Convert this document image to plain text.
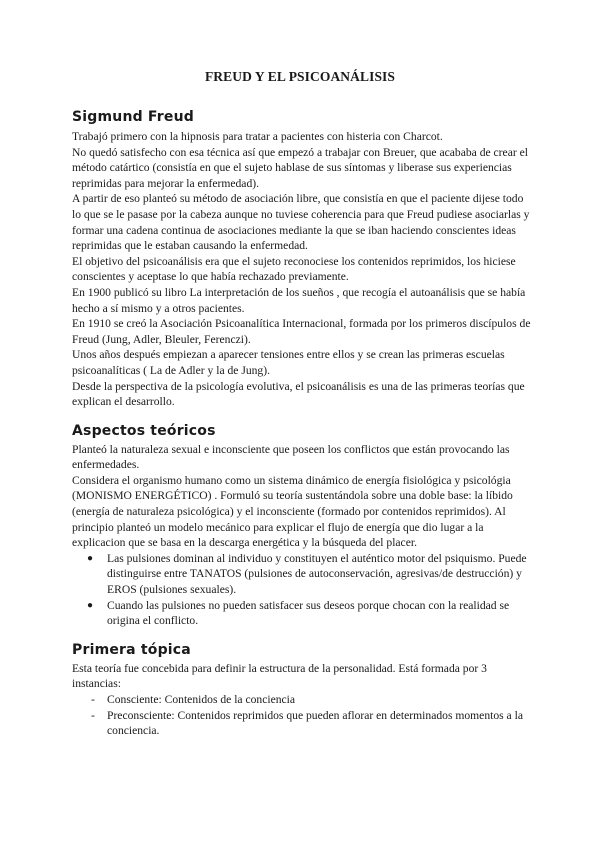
FREUD Y EL PSICOANÁLISIS
Sigmund Freud

Trabajó primero con la hipnosis para tratar a pacientes con histeria con Charcot.

No quedó satisfecho con esa técnica así que empezó a trabajar con Breuer, que acababa de crear el método catártico (consistía en que el sujeto hablase de sus síntomas y liberase sus experiencias reprimidas para mejorar la enfermedad).

A partir de eso planteó su método de asociación libre, que consistía en que el paciente dijese todo lo que se le pasase por la cabeza aunque no tuviese coherencia para que Freud pudiese asociarlas y formar una cadena continua de asociaciones mediante la que se iban haciendo conscientes ideas reprimidas que le estaban causando la enfermedad.

El objetivo del psicoanálisis era que el sujeto reconociese los contenidos reprimidos, los hiciese conscientes y aceptase lo que había rechazado previamente.

En 1900 publicó su libro La interpretación de los sueños , que recogía el autoanálisis que se había hecho a sí mismo y a otros pacientes.

En 1910 se creó la Asociación Psicoanalítica Internacional, formada por los primeros discípulos de Freud (Jung, Adler, Bleuler, Ferenczi).

Unos años después empiezan a aparecer tensiones entre ellos y se crean las primeras escuelas psicoanalíticas ( La de Adler y la de Jung).

Desde la perspectiva de la psicología evolutiva, el psicoanálisis es una de las primeras teorías que explican el desarrollo.

Aspectos teóricos

Planteó la naturaleza sexual e inconsciente que poseen los conflictos que están provocando las enfermedades.

Considera el organismo humano como un sistema dinámico de energía fisiológica y psicológia (MONISMO ENERGÉTICO) . Formuló su teoría sustentándola sobre una doble base: la líbido (energía de naturaleza psicológica) y el inconsciente (formado por contenidos reprimidos). Al principio planteó un modelo mecánico para explicar el flujo de energía que dio lugar a la explicacion que se basa en la descarga energética y la búsqueda del placer.

● Las pulsiones dominan al individuo y constituyen el auténtico motor del psiquismo. Puede distinguirse entre TANATOS (pulsiones de autoconservación, agresivas/de destrucción) y EROS (pulsiones sexuales).
● Cuando las pulsiones no pueden satisfacer sus deseos porque chocan con la realidad se origina el conflicto.
Primera tópica

Esta teoría fue concebida para definir la estructura de la personalidad. Está formada por 3 instancias:

- Consciente: Contenidos de la conciencia
- Preconsciente: Contenidos reprimidos que pueden aflorar en determinados momentos a la conciencia.
